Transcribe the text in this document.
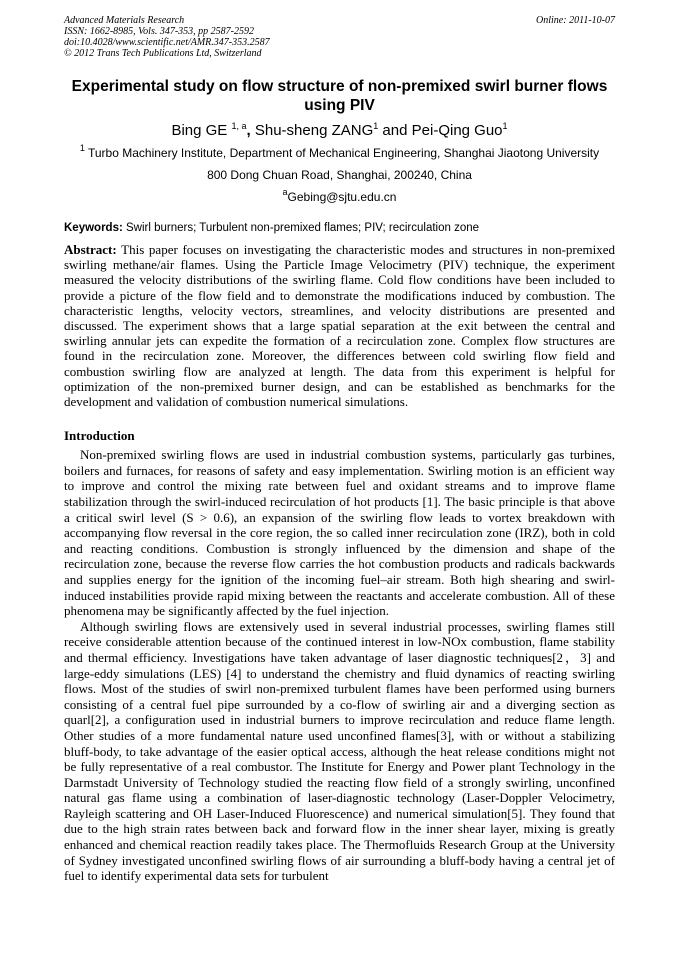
Advanced Materials Research
ISSN: 1662-8985, Vols. 347-353, pp 2587-2592
doi:10.4028/www.scientific.net/AMR.347-353.2587
© 2012 Trans Tech Publications Ltd, Switzerland
Online: 2011-10-07
Experimental study on flow structure of non-premixed swirl burner flows using PIV
Bing GE $^{1, a}$, Shu-sheng ZANG$^1$ and Pei-Qing Guo$^1$
$^1$ Turbo Machinery Institute, Department of Mechanical Engineering, Shanghai Jiaotong University
800 Dong Chuan Road, Shanghai, 200240, China
$^a$Gebing@sjtu.edu.cn
Keywords: Swirl burners; Turbulent non-premixed flames; PIV; recirculation zone
Abstract: This paper focuses on investigating the characteristic modes and structures in non-premixed swirling methane/air flames. Using the Particle Image Velocimetry (PIV) technique, the experiment measured the velocity distributions of the swirling flame. Cold flow conditions have been included to provide a picture of the flow field and to demonstrate the modifications induced by combustion. The characteristic lengths, velocity vectors, streamlines, and velocity distributions are presented and discussed. The experiment shows that a large spatial separation at the exit between the central and swirling annular jets can expedite the formation of a recirculation zone. Complex flow structures are found in the recirculation zone. Moreover, the differences between cold swirling flow field and combustion swirling flow are analyzed at length. The data from this experiment is helpful for optimization of the non-premixed burner design, and can be established as benchmarks for the development and validation of combustion numerical simulations.
Introduction
Non-premixed swirling flows are used in industrial combustion systems, particularly gas turbines, boilers and furnaces, for reasons of safety and easy implementation. Swirling motion is an efficient way to improve and control the mixing rate between fuel and oxidant streams and to improve flame stabilization through the swirl-induced recirculation of hot products [1]. The basic principle is that above a critical swirl level (S > 0.6), an expansion of the swirling flow leads to vortex breakdown with accompanying flow reversal in the core region, the so called inner recirculation zone (IRZ), both in cold and reacting conditions. Combustion is strongly influenced by the dimension and shape of the recirculation zone, because the reverse flow carries the hot combustion products and radicals backwards and supplies energy for the ignition of the incoming fuel–air stream. Both high shearing and swirl-induced instabilities provide rapid mixing between the reactants and accelerate combustion. All of these phenomena may be significantly affected by the fuel injection.
Although swirling flows are extensively used in several industrial processes, swirling flames still receive considerable attention because of the continued interest in low-NOx combustion, flame stability and thermal efficiency. Investigations have taken advantage of laser diagnostic techniques[2，3] and large-eddy simulations (LES) [4] to understand the chemistry and fluid dynamics of reacting swirling flows. Most of the studies of swirl non-premixed turbulent flames have been performed using burners consisting of a central fuel pipe surrounded by a co-flow of swirling air and a diverging section as quarl[2], a configuration used in industrial burners to improve recirculation and reduce flame length. Other studies of a more fundamental nature used unconfined flames[3], with or without a stabilizing bluff-body, to take advantage of the easier optical access, although the heat release conditions might not be fully representative of a real combustor. The Institute for Energy and Power plant Technology in the Darmstadt University of Technology studied the reacting flow field of a strongly swirling, unconfined natural gas flame using a combination of laser-diagnostic technology (Laser-Doppler Velocimetry, Rayleigh scattering and OH Laser-Induced Fluorescence) and numerical simulation[5]. They found that due to the high strain rates between back and forward flow in the inner shear layer, mixing is greatly enhanced and chemical reaction readily takes place. The Thermofluids Research Group at the University of Sydney investigated unconfined swirling flows of air surrounding a bluff-body having a central jet of fuel to identify experimental data sets for turbulent
